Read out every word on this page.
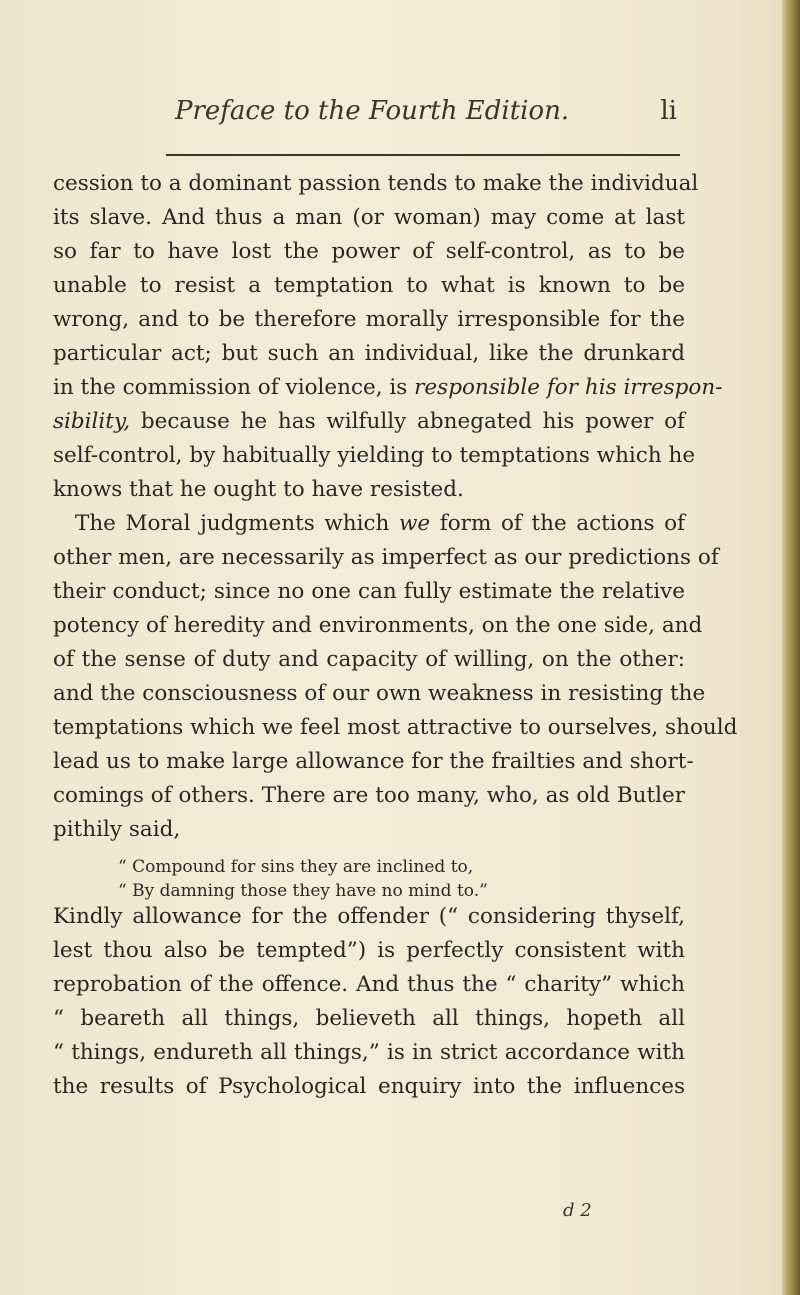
Preface to the Fourth Edition.	li
cession to a dominant passion tends to make the individual
its slave. And thus a man (or woman) may come at last
so far to have lost the power of self-control, as to be
unable to resist a temptation to what is known to be
wrong, and to be therefore morally irresponsible for the
particular act; but such an individual, like the drunkard
in the commission of violence, is responsible for his irrespon-
sibility, because he has wilfully abnegated his power of
self-control, by habitually yielding to temptations which he
knows that he ought to have resisted.
The Moral judgments which we form of the actions of
other men, are necessarily as imperfect as our predictions of
their conduct; since no one can fully estimate the relative
potency of heredity and environments, on the one side, and
of the sense of duty and capacity of willing, on the other:
and the consciousness of our own weakness in resisting the
temptations which we feel most attractive to ourselves, should
lead us to make large allowance for the frailties and short-
comings of others. There are too many, who, as old Butler
pithily said,
“ Compound for sins they are inclined to,
“ By damning those they have no mind to.”
Kindly allowance for the offender (“ considering thyself,
lest thou also be tempted”) is perfectly consistent with
reprobation of the offence. And thus the “ charity” which
“ beareth all things, believeth all things, hopeth all
“ things, endureth all things,” is in strict accordance with
the results of Psychological enquiry into the influences
d 2
